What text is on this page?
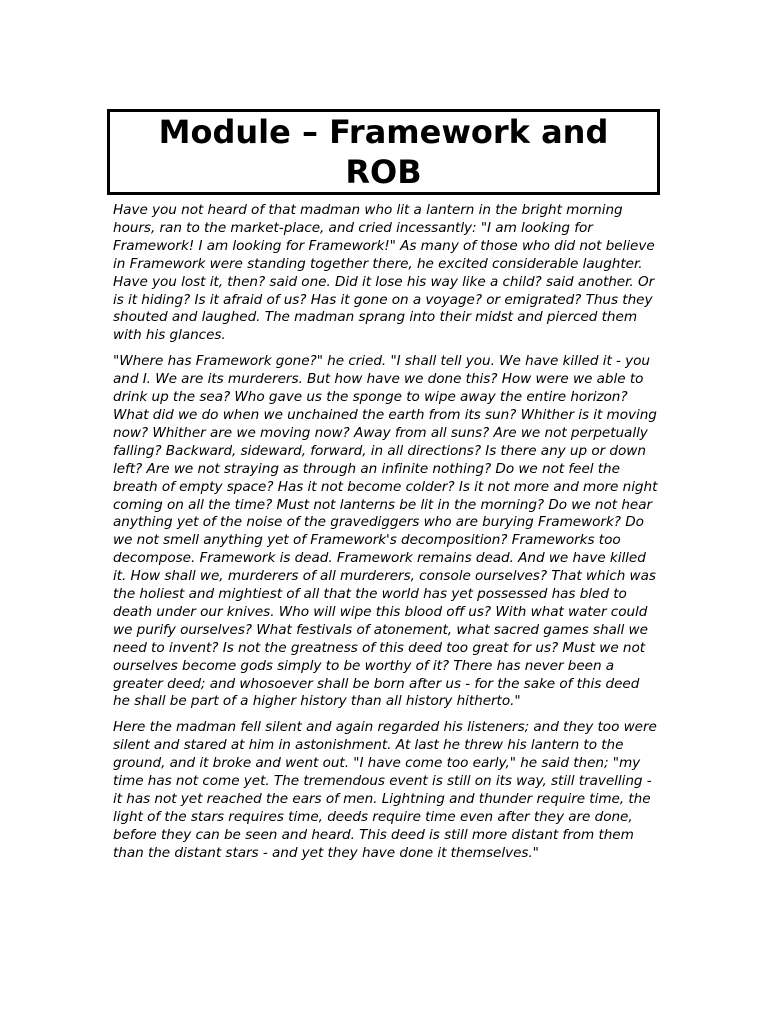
Module – Framework and ROB

Have you not heard of that madman who lit a lantern in the bright morning hours, ran to the market-place, and cried incessantly: "I am looking for Framework! I am looking for Framework!" As many of those who did not believe in Framework were standing together there, he excited considerable laughter. Have you lost it, then? said one. Did it lose his way like a child? said another. Or is it hiding? Is it afraid of us? Has it gone on a voyage? or emigrated? Thus they shouted and laughed. The madman sprang into their midst and pierced them with his glances.

"Where has Framework gone?" he cried. "I shall tell you. We have killed it - you and I. We are its murderers. But how have we done this? How were we able to drink up the sea? Who gave us the sponge to wipe away the entire horizon? What did we do when we unchained the earth from its sun? Whither is it moving now? Whither are we moving now? Away from all suns? Are we not perpetually falling? Backward, sideward, forward, in all directions? Is there any up or down left? Are we not straying as through an infinite nothing? Do we not feel the breath of empty space? Has it not become colder? Is it not more and more night coming on all the time? Must not lanterns be lit in the morning? Do we not hear anything yet of the noise of the gravediggers who are burying Framework? Do we not smell anything yet of Framework's decomposition? Frameworks too decompose. Framework is dead. Framework remains dead. And we have killed it. How shall we, murderers of all murderers, console ourselves? That which was the holiest and mightiest of all that the world has yet possessed has bled to death under our knives. Who will wipe this blood off us? With what water could we purify ourselves? What festivals of atonement, what sacred games shall we need to invent? Is not the greatness of this deed too great for us? Must we not ourselves become gods simply to be worthy of it? There has never been a greater deed; and whosoever shall be born after us - for the sake of this deed he shall be part of a higher history than all history hitherto."

Here the madman fell silent and again regarded his listeners; and they too were silent and stared at him in astonishment. At last he threw his lantern to the ground, and it broke and went out. "I have come too early," he said then; "my time has not come yet. The tremendous event is still on its way, still travelling - it has not yet reached the ears of men. Lightning and thunder require time, the light of the stars requires time, deeds require time even after they are done, before they can be seen and heard. This deed is still more distant from them than the distant stars - and yet they have done it themselves."
